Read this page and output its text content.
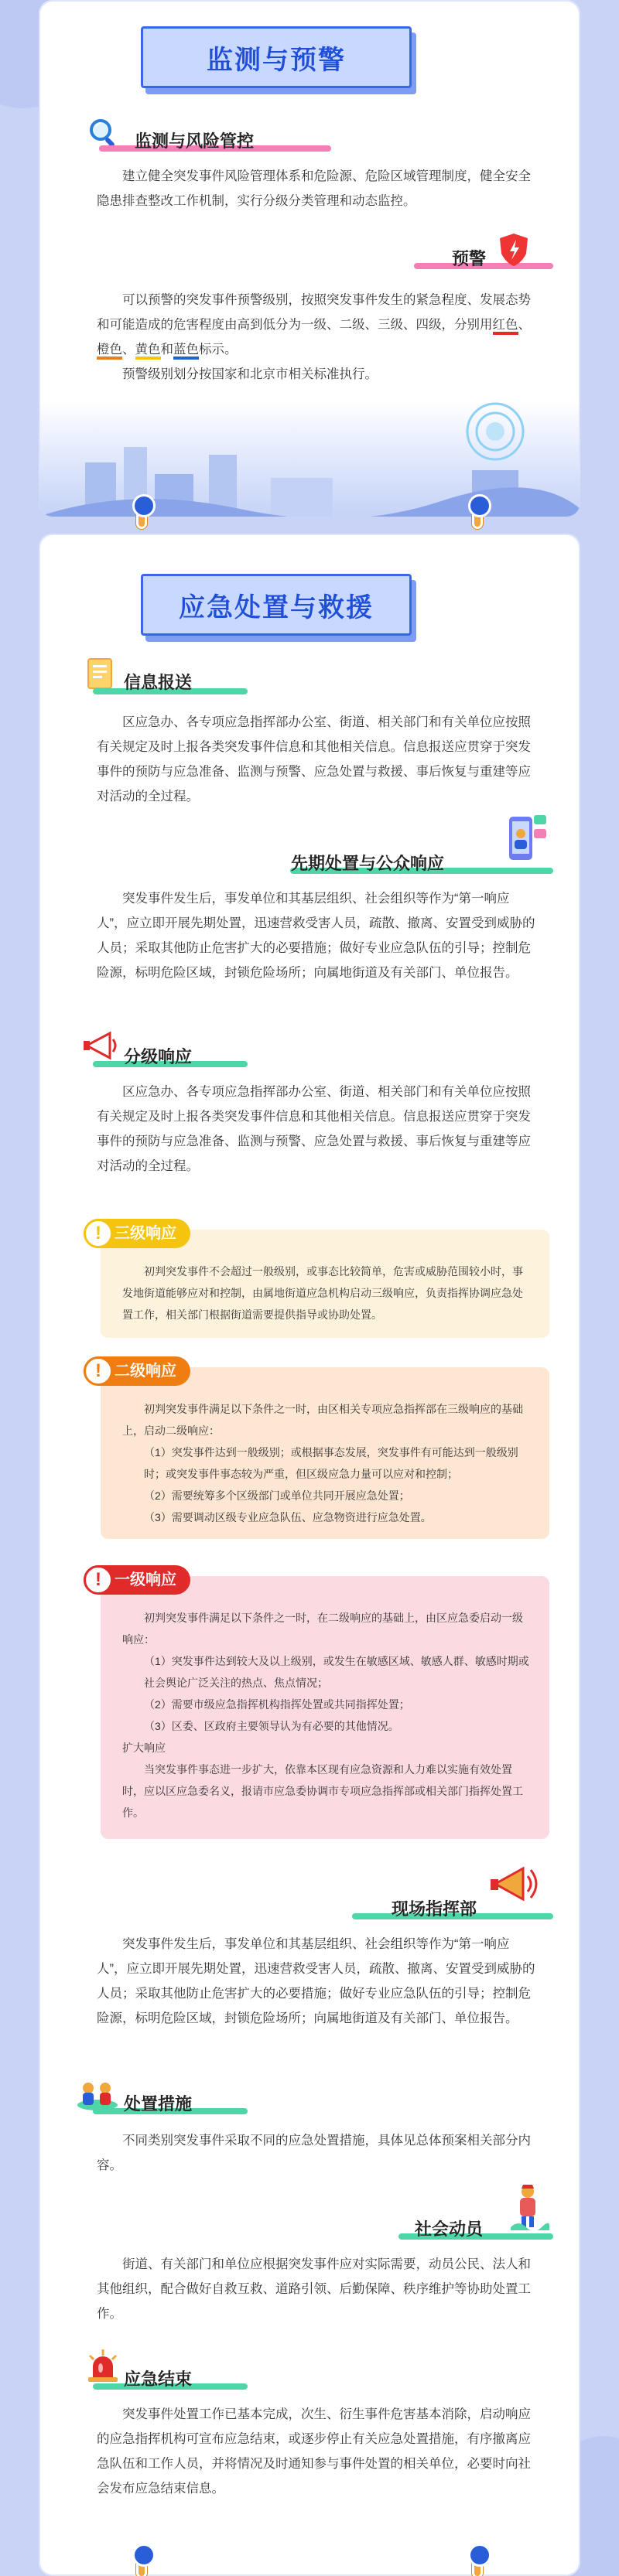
监测与预警
监测与风险管控
建立健全突发事件风险管理体系和危险源、危险区域管理制度，健全安全隐患排查整改工作机制，实行分级分类管理和动态监控。
预警
可以预警的突发事件预警级别，按照突发事件发生的紧急程度、发展态势和可能造成的危害程度由高到低分为一级、二级、三级、四级，分别用红色、橙色、黄色和蓝色标示。
预警级别划分按国家和北京市相关标准执行。
应急处置与救援
信息报送
区应急办、各专项应急指挥部办公室、街道、相关部门和有关单位应按照有关规定及时上报各类突发事件信息和其他相关信息。信息报送应贯穿于突发事件的预防与应急准备、监测与预警、应急处置与救援、事后恢复与重建等应对活动的全过程。
先期处置与公众响应
突发事件发生后，事发单位和其基层组织、社会组织等作为“第一响应人”，应立即开展先期处置，迅速营救受害人员，疏散、撤离、安置受到威胁的人员；采取其他防止危害扩大的必要措施；做好专业应急队伍的引导；控制危险源，标明危险区域，封锁危险场所；向属地街道及有关部门、单位报告。
分级响应
区应急办、各专项应急指挥部办公室、街道、相关部门和有关单位应按照有关规定及时上报各类突发事件信息和其他相关信息。信息报送应贯穿于突发事件的预防与应急准备、监测与预警、应急处置与救援、事后恢复与重建等应对活动的全过程。
! 三级响应

初判突发事件不会超过一般级别，或事态比较简单，危害或威胁范围较小时，事发地街道能够应对和控制，由属地街道应急机构启动三级响应，负责指挥协调应急处置工作，相关部门根据街道需要提供指导或协助处置。

! 二级响应

初判突发事件满足以下条件之一时，由区相关专项应急指挥部在三级响应的基础上，启动二级响应：

（1）突发事件达到一般级别；或根据事态发展，突发事件有可能达到一般级别时；或突发事件事态较为严重，但区级应急力量可以应对和控制；

（2）需要统筹多个区级部门或单位共同开展应急处置；

（3）需要调动区级专业应急队伍、应急物资进行应急处置。

! 一级响应

初判突发事件满足以下条件之一时，在二级响应的基础上，由区应急委启动一级响应：

（1）突发事件达到较大及以上级别，或发生在敏感区域、敏感人群、敏感时期或社会舆论广泛关注的热点、焦点情况；

（2）需要市级应急指挥机构指挥处置或共同指挥处置；

（3）区委、区政府主要领导认为有必要的其他情况。

扩大响应

当突发事件事态进一步扩大，依靠本区现有应急资源和人力难以实施有效处置时，应以区应急委名义，报请市应急委协调市专项应急指挥部或相关部门指挥处置工作。

现场指挥部
突发事件发生后，事发单位和其基层组织、社会组织等作为“第一响应人”，应立即开展先期处置，迅速营救受害人员，疏散、撤离、安置受到威胁的人员；采取其他防止危害扩大的必要措施；做好专业应急队伍的引导；控制危险源，标明危险区域，封锁危险场所；向属地街道及有关部门、单位报告。
处置措施
不同类别突发事件采取不同的应急处置措施，具体见总体预案相关部分内容。
社会动员
街道、有关部门和单位应根据突发事件应对实际需要，动员公民、法人和其他组织，配合做好自救互救、道路引领、后勤保障、秩序维护等协助处置工作。
应急结束
突发事件处置工作已基本完成，次生、衍生事件危害基本消除，启动响应的应急指挥机构可宣布应急结束，或逐步停止有关应急处置措施，有序撤离应急队伍和工作人员，并将情况及时通知参与事件处置的相关单位，必要时向社会发布应急结束信息。
